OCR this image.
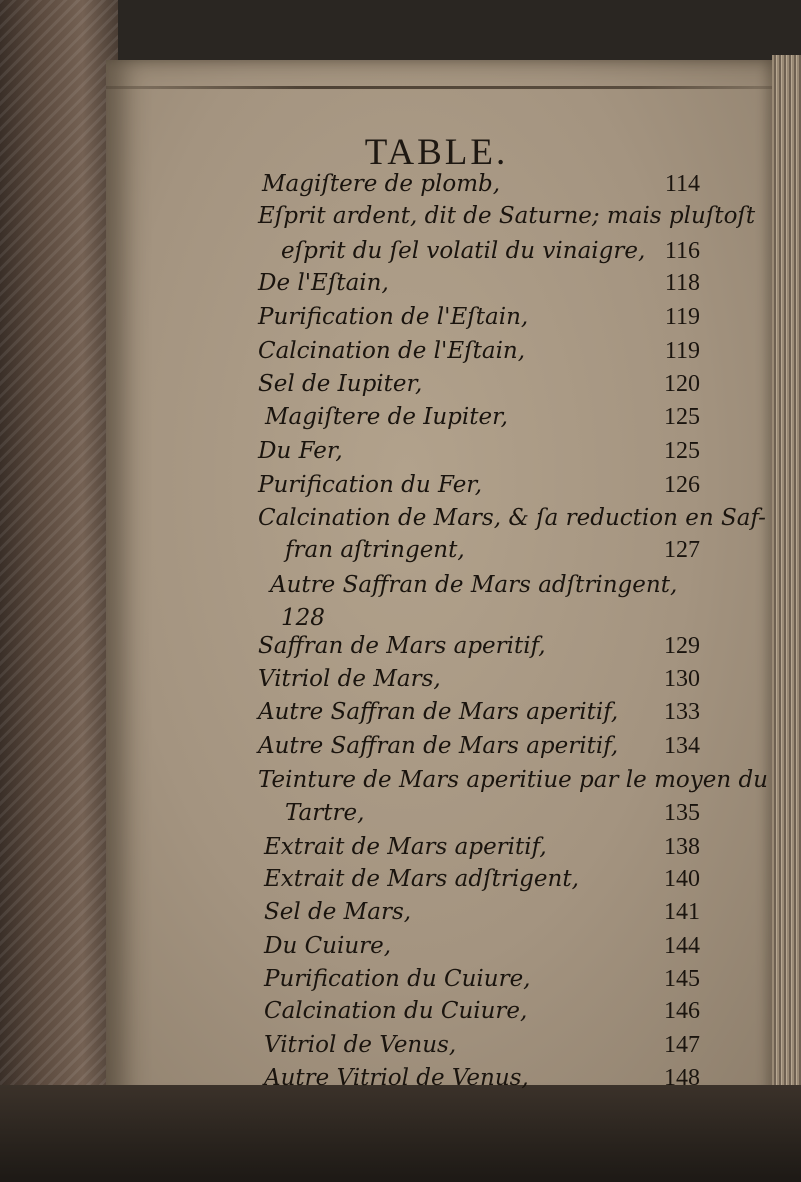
TABLE.
Magiſtere de plomb,	114
Eſprit ardent, dit de Saturne; mais pluſtoſt
eſprit du ſel volatil du vinaigre, 116
De l'Eſtain,	118
Purification de l'Eſtain,	119
Calcination de l'Eſtain,	119
Sel de Iupiter,	120
Magiſtere de Iupiter,	125
Du Fer,	125
Purification du Fer,	126
Calcination de Mars, & ſa reduction en Saf-
fran aſtringent,	127
Autre Saffran de Mars adſtringent,
128
Saffran de Mars aperitif,	129
Vitriol de Mars,	130
Autre Saffran de Mars aperitif,	133
Autre Saffran de Mars aperitif,	134
Teinture de Mars aperitiue par le moyen du
Tartre,	135
Extrait de Mars aperitif,	138
Extrait de Mars adſtrigent,	140
Sel de Mars,	141
Du Cuiure,	144
Purification du Cuiure,	145
Calcination du Cuiure,	146
Vitriol de Venus,	147
Autre Vitriol de Venus,	148
